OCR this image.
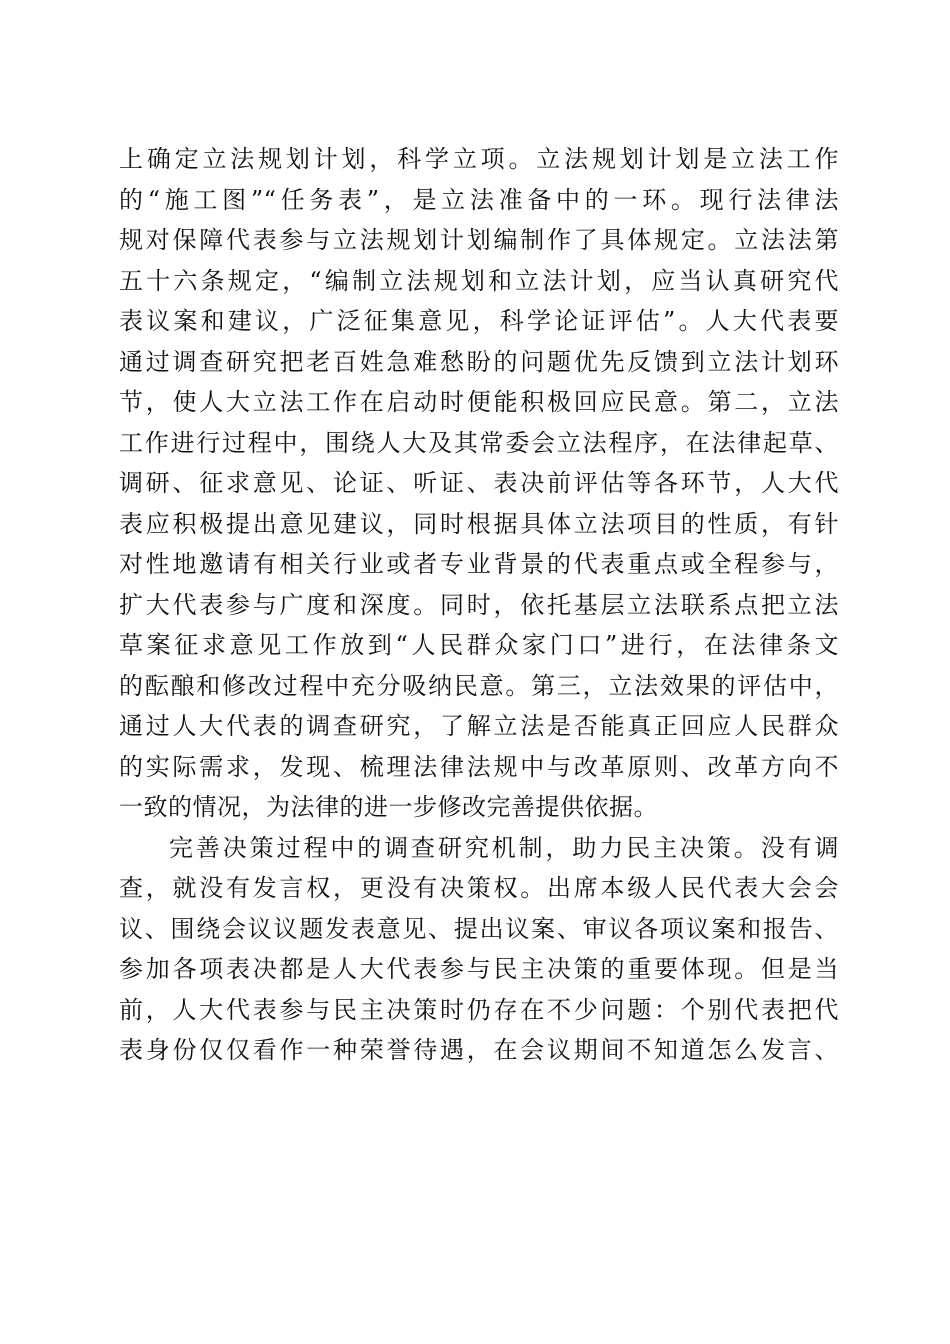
上确定立法规划计划，科学立项。立法规划计划是立法工作
的“施工图”“任务表”，是立法准备中的一环。现行法律法
规对保障代表参与立法规划计划编制作了具体规定。立法法第
五十六条规定，“编制立法规划和立法计划，应当认真研究代
表议案和建议，广泛征集意见，科学论证评估”。人大代表要
通过调查研究把老百姓急难愁盼的问题优先反馈到立法计划环
节，使人大立法工作在启动时便能积极回应民意。第二，立法
工作进行过程中，围绕人大及其常委会立法程序，在法律起草、
调研、征求意见、论证、听证、表决前评估等各环节，人大代
表应积极提出意见建议，同时根据具体立法项目的性质，有针
对性地邀请有相关行业或者专业背景的代表重点或全程参与，
扩大代表参与广度和深度。同时，依托基层立法联系点把立法
草案征求意见工作放到“人民群众家门口”进行，在法律条文
的酝酿和修改过程中充分吸纳民意。第三，立法效果的评估中，
通过人大代表的调查研究，了解立法是否能真正回应人民群众
的实际需求，发现、梳理法律法规中与改革原则、改革方向不
一致的情况，为法律的进一步修改完善提供依据。
完善决策过程中的调查研究机制，助力民主决策。没有调
查，就没有发言权，更没有决策权。出席本级人民代表大会会
议、围绕会议议题发表意见、提出议案、审议各项议案和报告、
参加各项表决都是人大代表参与民主决策的重要体现。但是当
前，人大代表参与民主决策时仍存在不少问题：个别代表把代
表身份仅仅看作一种荣誉待遇，在会议期间不知道怎么发言、
